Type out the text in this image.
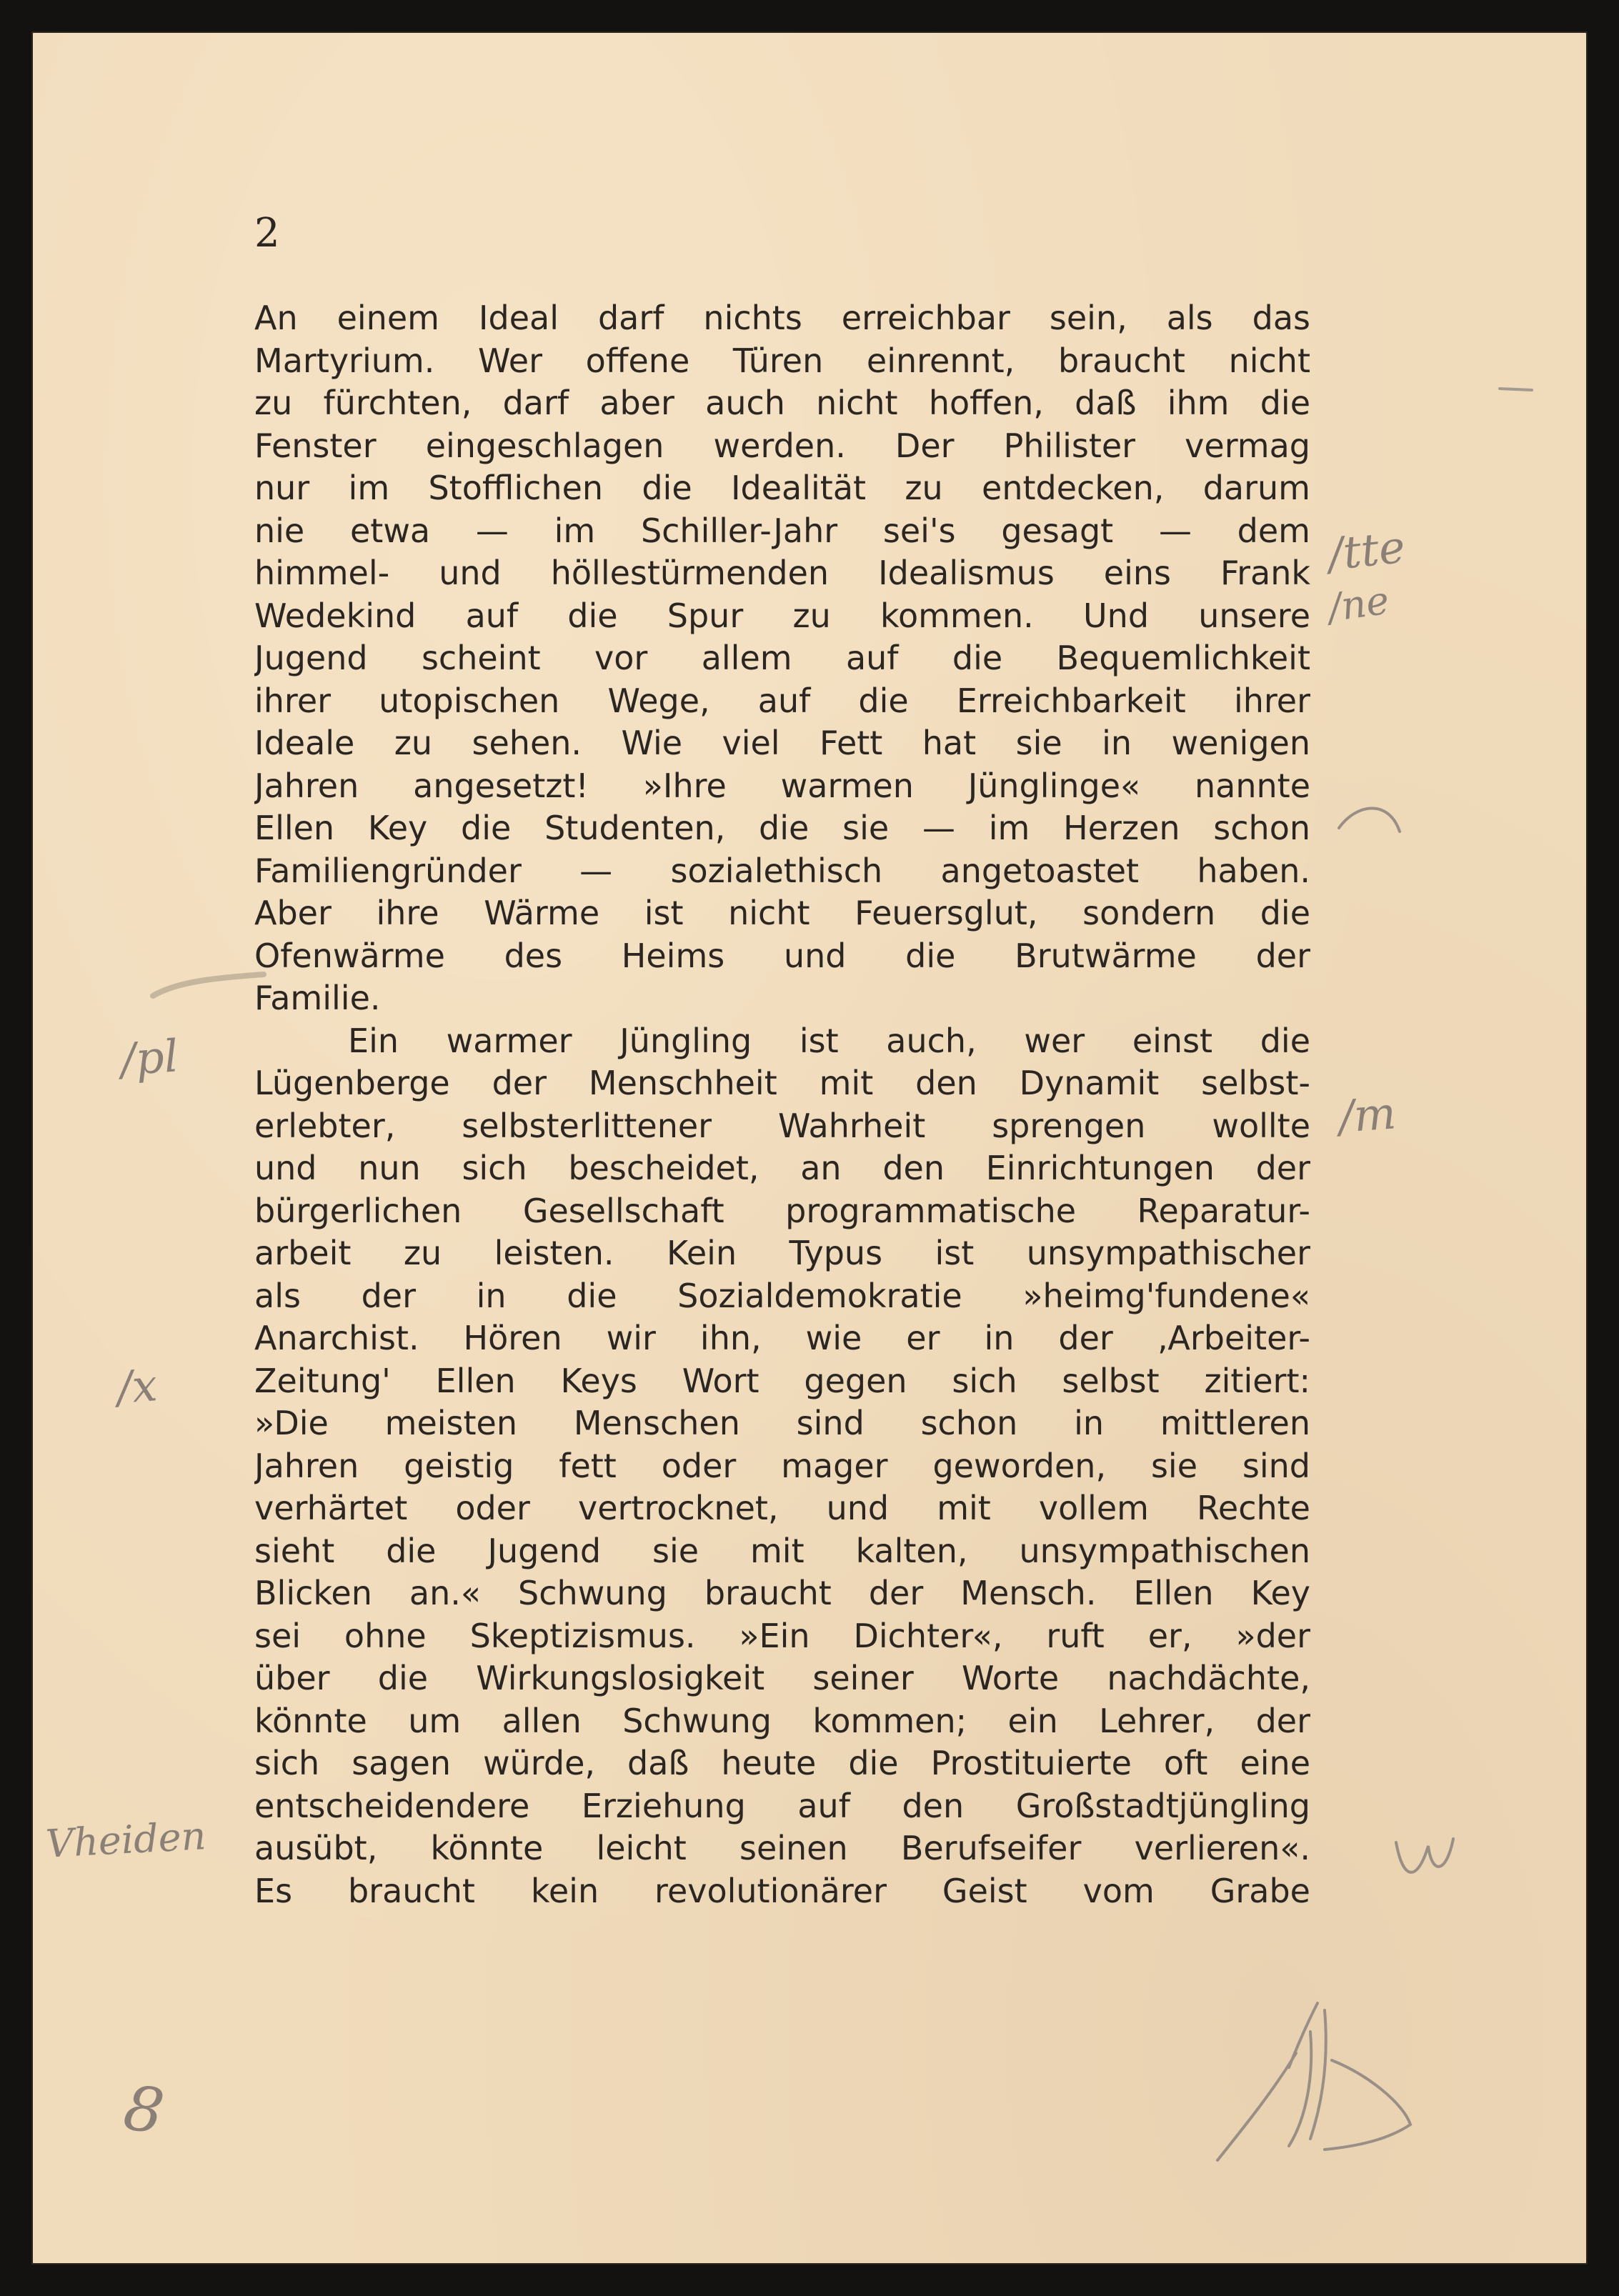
2
An einem Ideal darf nichts erreichbar sein, als das
Martyrium. Wer offene Türen einrennt, braucht nicht
zu fürchten, darf aber auch nicht hoffen, daß ihm die
Fenster eingeschlagen werden. Der Philister vermag
nur im Stofflichen die Idealität zu entdecken, darum
nie etwa — im Schiller-Jahr sei's gesagt — dem
himmel- und höllestürmenden Idealismus eins Frank
Wedekind auf die Spur zu kommen. Und unsere
Jugend scheint vor allem auf die Bequemlichkeit
ihrer utopischen Wege, auf die Erreichbarkeit ihrer
Ideale zu sehen. Wie viel Fett hat sie in wenigen
Jahren angesetzt! »Ihre warmen Jünglinge« nannte
Ellen Key die Studenten, die sie — im Herzen schon
Familiengründer — sozialethisch angetoastet haben.
Aber ihre Wärme ist nicht Feuersglut, sondern die
Ofenwärme des Heims und die Brutwärme der
Familie.
Ein warmer Jüngling ist auch, wer einst die
Lügenberge der Menschheit mit den Dynamit selbst-
erlebter, selbsterlittener Wahrheit sprengen wollte
und nun sich bescheidet, an den Einrichtungen der
bürgerlichen Gesellschaft programmatische Reparatur-
arbeit zu leisten. Kein Typus ist unsympathischer
als der in die Sozialdemokratie »heimg'fundene«
Anarchist. Hören wir ihn, wie er in der ‚Arbeiter-
Zeitung' Ellen Keys Wort gegen sich selbst zitiert:
»Die meisten Menschen sind schon in mittleren
Jahren geistig fett oder mager geworden, sie sind
verhärtet oder vertrocknet, und mit vollem Rechte
sieht die Jugend sie mit kalten, unsympathischen
Blicken an.« Schwung braucht der Mensch. Ellen Key
sei ohne Skeptizismus. »Ein Dichter«, ruft er, »der
über die Wirkungslosigkeit seiner Worte nachdächte,
könnte um allen Schwung kommen; ein Lehrer, der
sich sagen würde, daß heute die Prostituierte oft eine
entscheidendere Erziehung auf den Großstadtjüngling
ausübt, könnte leicht seinen Berufseifer verlieren«.
Es braucht kein revolutionärer Geist vom Grabe
/tte
/ne
/m
/pl
/x
Vheiden
8
